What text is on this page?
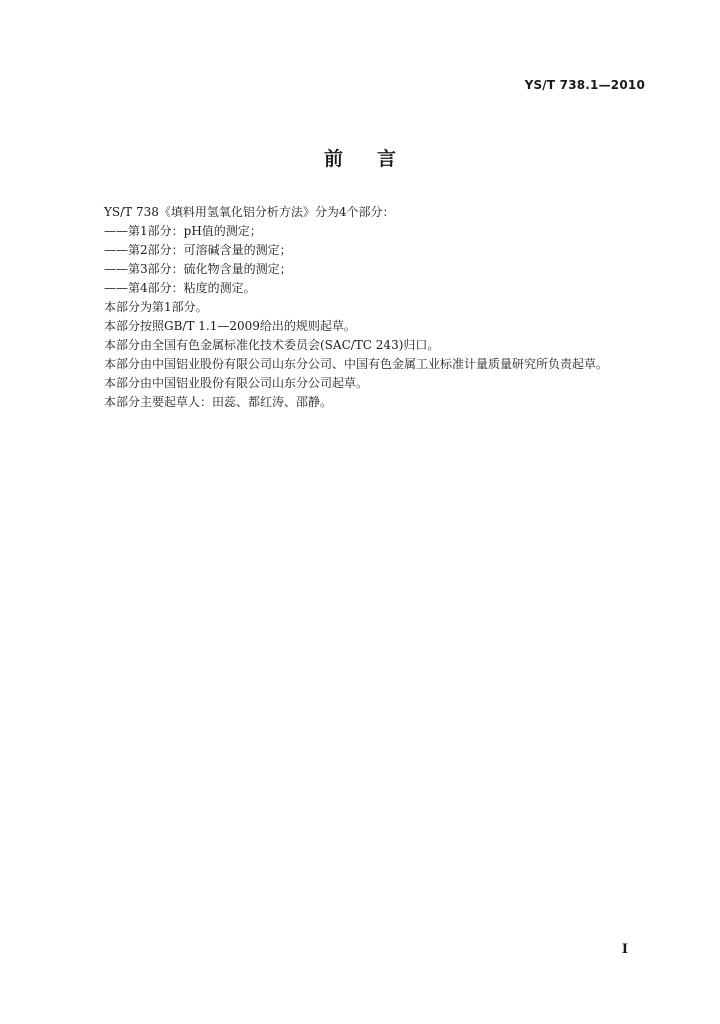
YS/T 738.1—2010
前言
YS/T 738《填料用氢氧化铝分析方法》分为4个部分：
——第1部分：pH值的测定；
——第2部分：可溶碱含量的测定；
——第3部分：硫化物含量的测定；
——第4部分：粘度的测定。
本部分为第1部分。
本部分按照GB/T 1.1—2009给出的规则起草。
本部分由全国有色金属标准化技术委员会(SAC/TC 243)归口。
本部分由中国铝业股份有限公司山东分公司、中国有色金属工业标准计量质量研究所负责起草。
本部分由中国铝业股份有限公司山东分公司起草。
本部分主要起草人：田蕊、都红涛、邵静。
I
